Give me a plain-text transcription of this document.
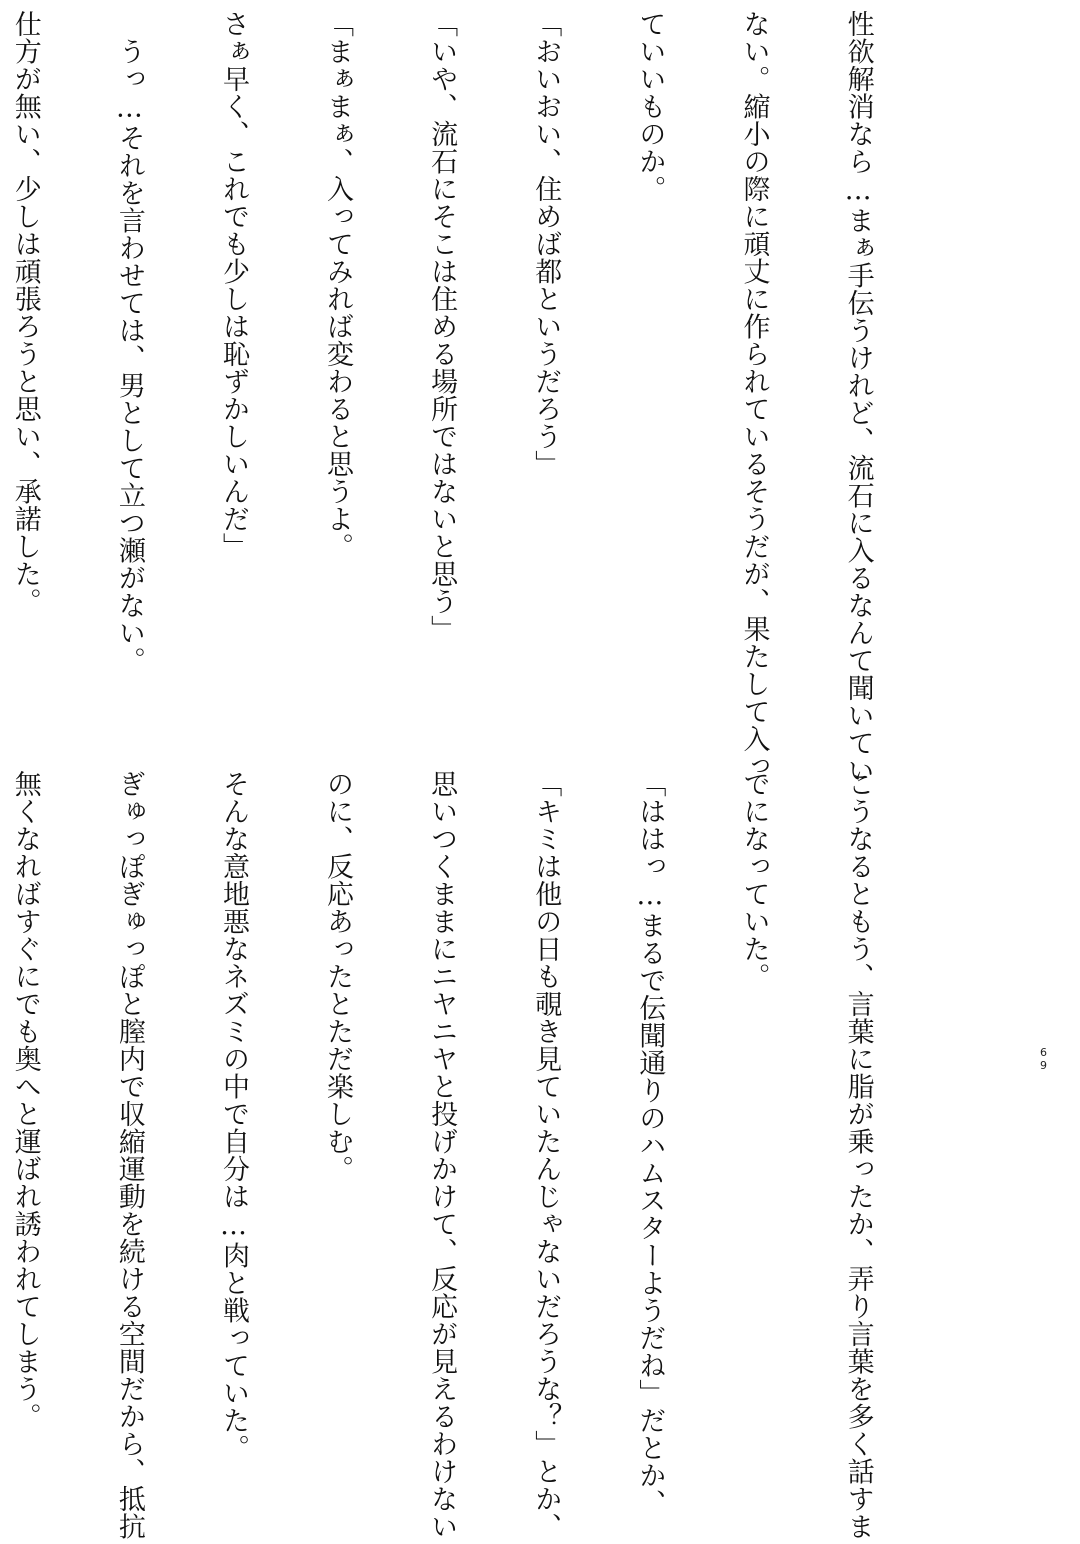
性欲解消なら…まぁ手伝うけれど、流石に入るなんて聞いてい

ない。縮小の際に頑丈に作られているそうだが、果たして入っ

ていいものか。

「おいおい、住めば都というだろう」

「いや、流石にそこは住める場所ではないと思う」

「まぁまぁ、入ってみれば変わると思うよ。

さぁ早く、これでも少しは恥ずかしいんだ」

　うっ…それを言わせては、男として立つ瀬がない。

仕方が無い、少しは頑張ろうと思い、承諾した。

こうなるともう、言葉に脂が乗ったか、弄り言葉を多く話すま

でになっていた。

「ははっ…まるで伝聞通りのハムスターようだね」だとか、

「キミは他の日も覗き見ていたんじゃないだろうな？」とか、

思いつくままにニヤニヤと投げかけて、反応が見えるわけない

のに、反応あったとただ楽しむ。

そんな意地悪なネズミの中で自分は…肉と戦っていた。

ぎゅっぽぎゅっぽと膣内で収縮運動を続ける空間だから、抵抗

無くなればすぐにでも奥へと運ばれ誘われてしまう。

	69
